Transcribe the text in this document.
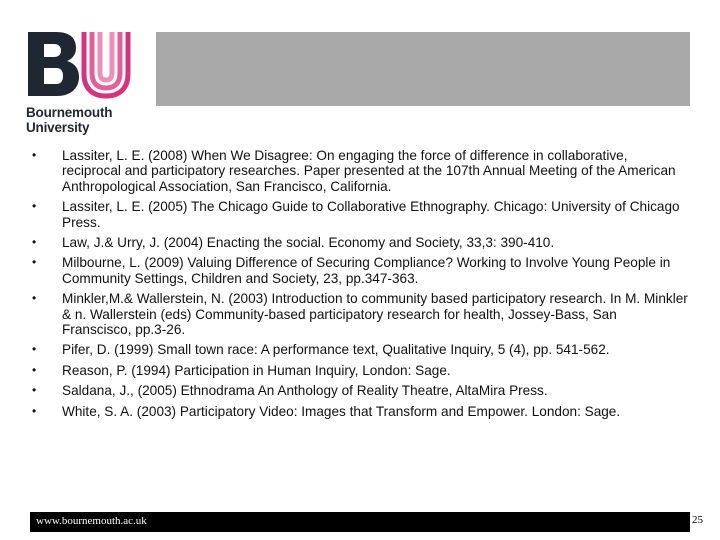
Bournemouth
University
• Lassiter, L. E. (2008) When We Disagree: On engaging the force of difference in collaborative, reciprocal and participatory researches. Paper presented at the 107th Annual Meeting of the American Anthropological Association, San Francisco, California.
• Lassiter, L. E. (2005) The Chicago Guide to Collaborative Ethnography. Chicago: University of Chicago Press.
• Law, J.& Urry, J. (2004) Enacting the social. Economy and Society, 33,3: 390-410.
• Milbourne, L. (2009) Valuing Difference of Securing Compliance? Working to Involve Young People in Community Settings, Children and Society, 23, pp.347-363.
• Minkler,M.& Wallerstein, N. (2003) Introduction to community based participatory research. In M. Minkler & n. Wallerstein (eds) Community-based participatory research for health, Jossey-Bass, San Franscisco, pp.3-26.
• Pifer, D. (1999) Small town race: A performance text, Qualitative Inquiry, 5 (4), pp. 541-562.
• Reason, P. (1994) Participation in Human Inquiry, London: Sage.
• Saldana, J., (2005) Ethnodrama An Anthology of Reality Theatre, AltaMira Press.
• White, S. A. (2003) Participatory Video: Images that Transform and Empower. London: Sage.
www.bournemouth.ac.uk	25
